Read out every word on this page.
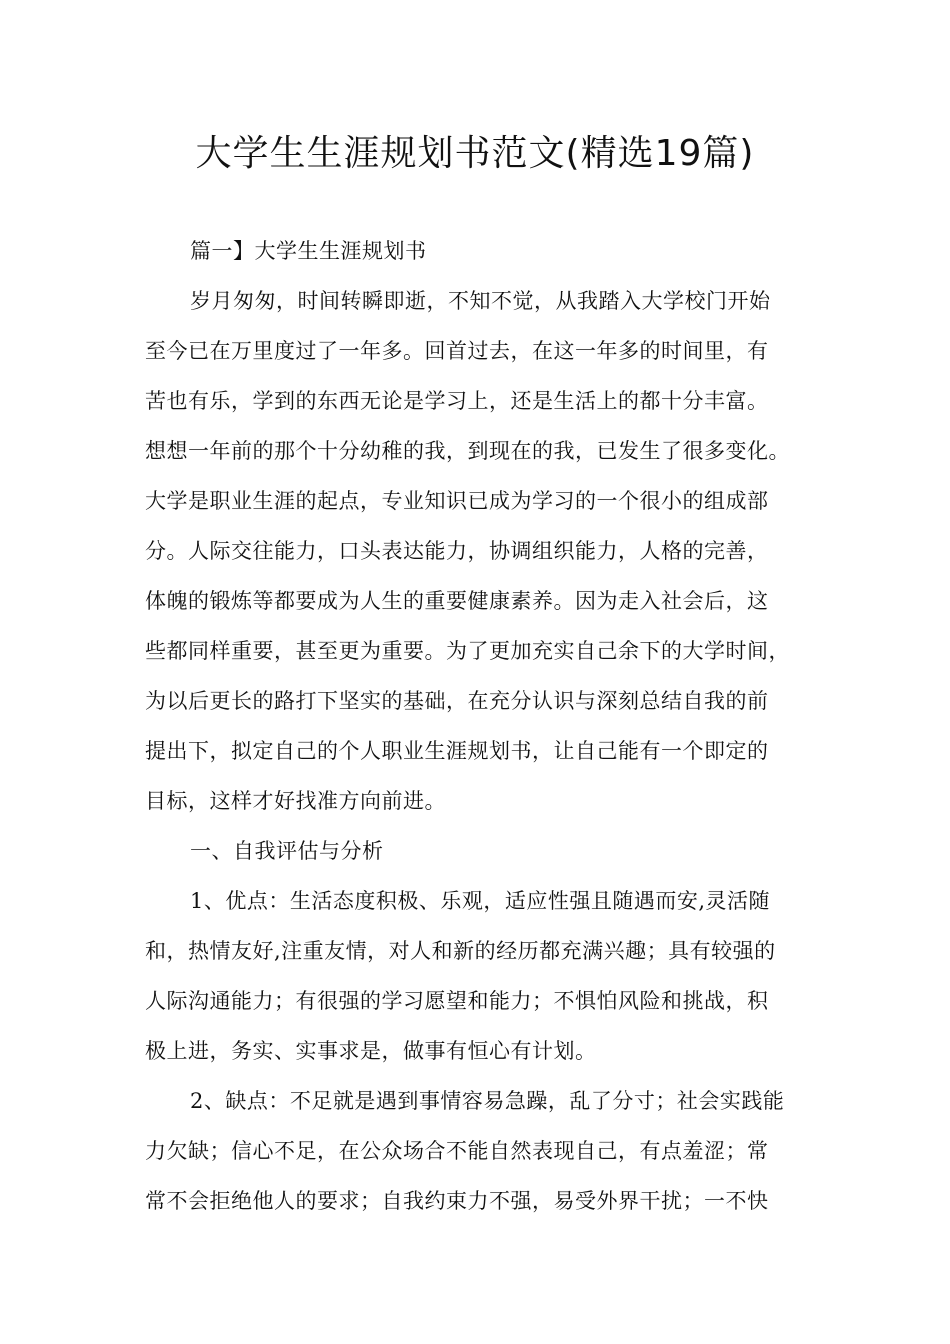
大学生生涯规划书范文(精选19篇)

篇一】大学生生涯规划书

岁月匆匆，时间转瞬即逝，不知不觉，从我踏入大学校门开始

至今已在万里度过了一年多。回首过去，在这一年多的时间里，有

苦也有乐，学到的东西无论是学习上，还是生活上的都十分丰富。

想想一年前的那个十分幼稚的我，到现在的我，已发生了很多变化。

大学是职业生涯的起点，专业知识已成为学习的一个很小的组成部

分。人际交往能力，口头表达能力，协调组织能力，人格的完善，

体魄的锻炼等都要成为人生的重要健康素养。因为走入社会后，这

些都同样重要，甚至更为重要。为了更加充实自己余下的大学时间，

为以后更长的路打下坚实的基础，在充分认识与深刻总结自我的前

提出下，拟定自己的个人职业生涯规划书，让自己能有一个即定的

目标，这样才好找准方向前进。

一、自我评估与分析

1、优点：生活态度积极、乐观，适应性强且随遇而安,灵活随

和，热情友好,注重友情，对人和新的经历都充满兴趣；具有较强的

人际沟通能力；有很强的学习愿望和能力；不惧怕风险和挑战，积

极上进，务实、实事求是，做事有恒心有计划。

2、缺点：不足就是遇到事情容易急躁，乱了分寸；社会实践能

力欠缺；信心不足，在公众场合不能自然表现自己，有点羞涩；常

常不会拒绝他人的要求；自我约束力不强，易受外界干扰；一不快
